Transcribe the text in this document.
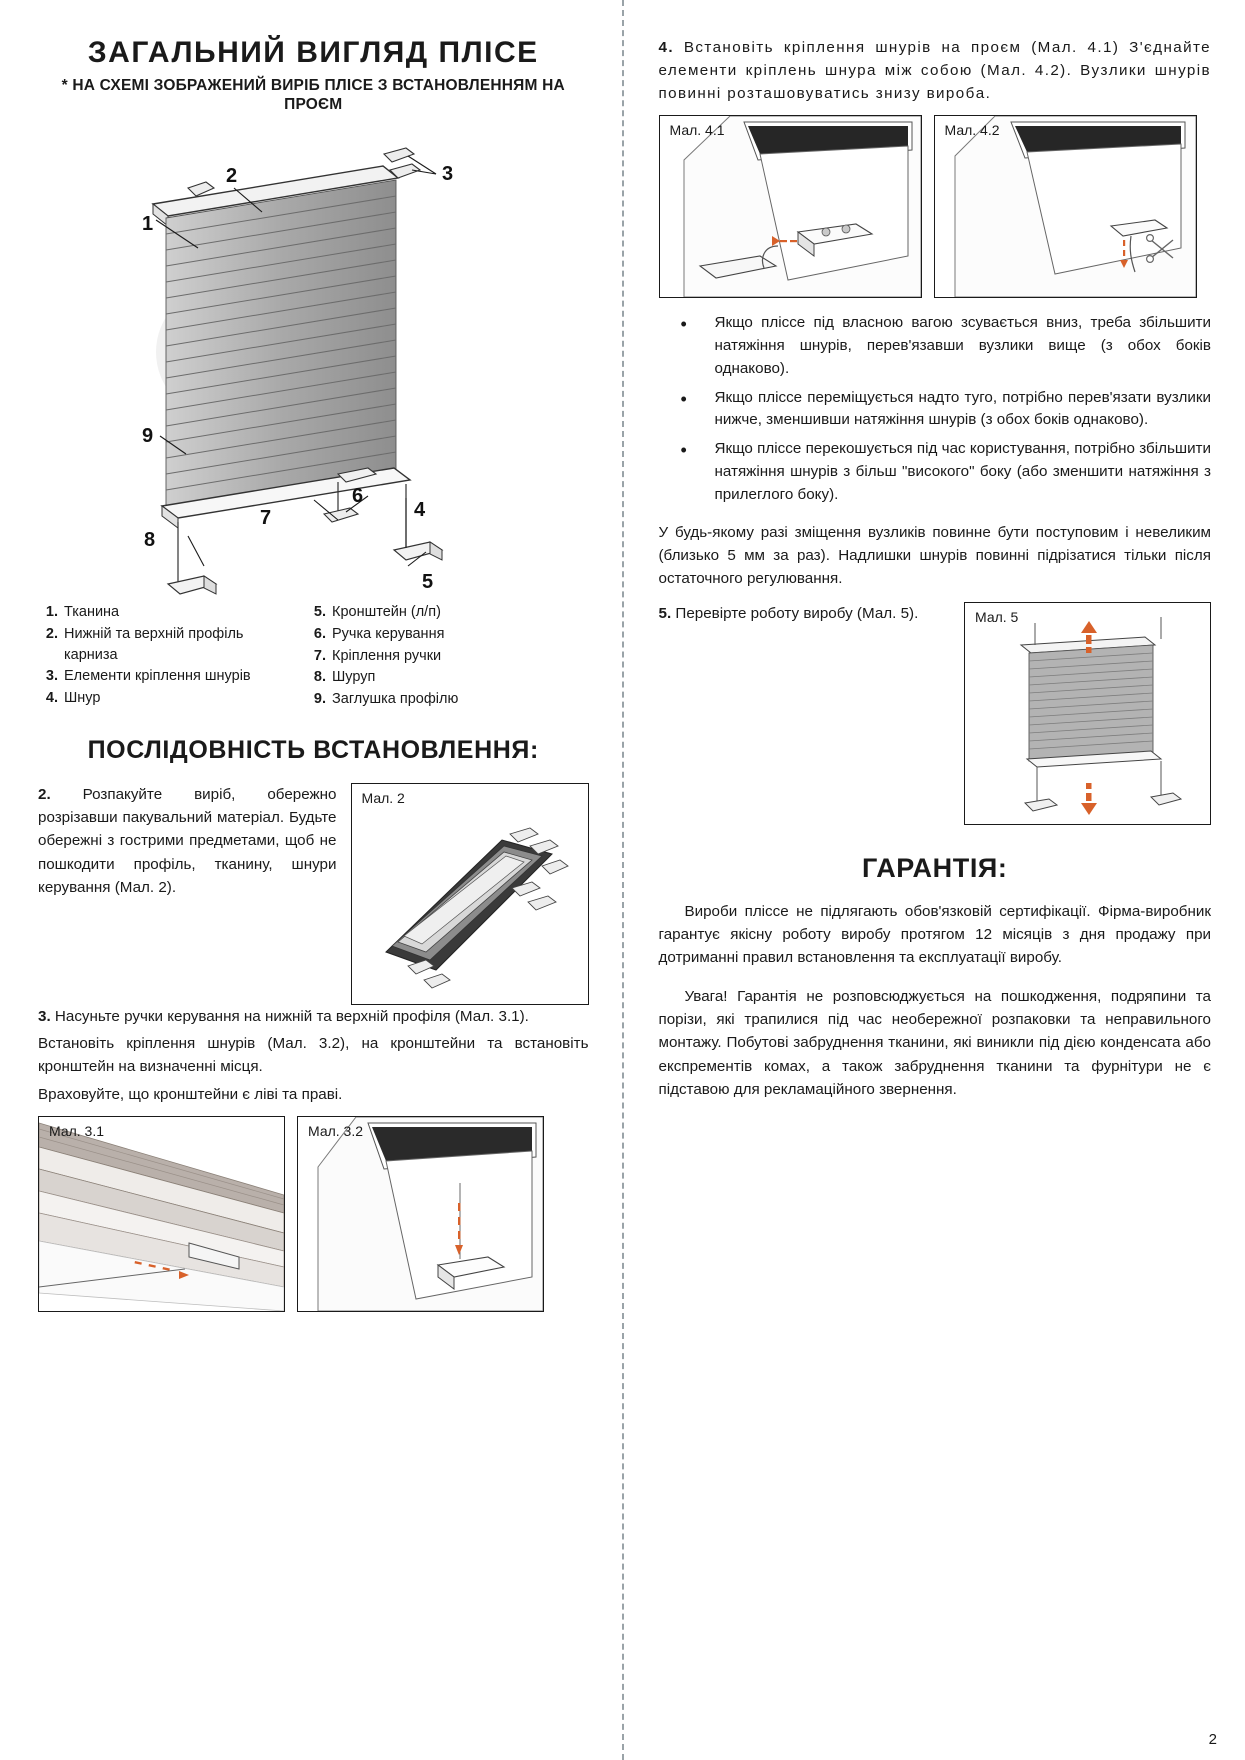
ЗАГАЛЬНИЙ ВИГЛЯД ПЛІСЕ
* НА СХЕМІ ЗОБРАЖЕНИЙ ВИРІБ ПЛІСЕ З ВСТАНОВЛЕННЯМ НА ПРОЄМ
1
2	3
4
5
6
7
8
9
1. Тканина
2. Нижній та верхній профіль карниза
3. Елементи кріплення шнурів
4. Шнур
5. Кронштейн (л/п)
6. Ручка керування
7. Кріплення ручки
8. Шуруп
9. Заглушка профілю
ПОСЛІДОВНІСТЬ ВСТАНОВЛЕННЯ:

2. Розпакуйте виріб, обережно розрізавши пакувальний матеріал. Будьте обережні з гострими предметами, щоб не пошкодити профіль, тканину, шнури керування (Мал. 2).

Мал. 2

3. Насуньте ручки керування на нижній та верхній профіля (Мал. 3.1).

Встановіть кріплення шнурів (Мал. 3.2), на кронштейни та встановіть кронштейн на визначенні місця.

Враховуйте, що кронштейни є ліві та праві.

Мал. 3.1	Мал. 3.2

4. Встановіть кріплення шнурів на проєм (Мал. 4.1) З'єднайте елементи кріплень шнура між собою (Мал. 4.2). Вузлики шнурів повинні розташовуватись знизу виробa.

Мал. 4.1	Мал. 4.2
• Якщо пліссе під власною вагою зсувається вниз, треба збільшити натяжіння шнурів, перев'язавши вузлики вище (з обох боків однаково).
• Якщо пліссе переміщується надто туго, потрібно перев'язати вузлики нижче, зменшивши натяжіння шнурів (з обох боків однаково).
• Якщо пліссе перекошується під час користування, потрібно збільшити натяжіння шнурів з більш "високого" боку (або зменшити натяжіння з прилеглого боку).

У будь-якому разі зміщення вузликів повинне бути поступовим і невеликим (близько 5 мм за раз). Надлишки шнурів повинні підрізатися тільки після остаточного регулювання.

5. Перевірте роботу виробу (Мал. 5).	Мал. 5
ГАРАНТІЯ:

Вироби пліссе не підлягають обов'язковій сертифікації. Фірма-виробник гарантує якісну роботу виробу протягом 12 місяців з дня продажу при дотриманні правил встановлення та експлуатації виробу.

Увага! Гарантія не розповсюджується на пошкодження, подряпини та порізи, які трапилися під час необережної розпаковки та неправильного монтажу. Побутові забруднення тканини, які виникли під дією конденсата або експрементів комах, а також забруднення тканини та фурнітури не є підставою для рекламаційного звернення.

2
